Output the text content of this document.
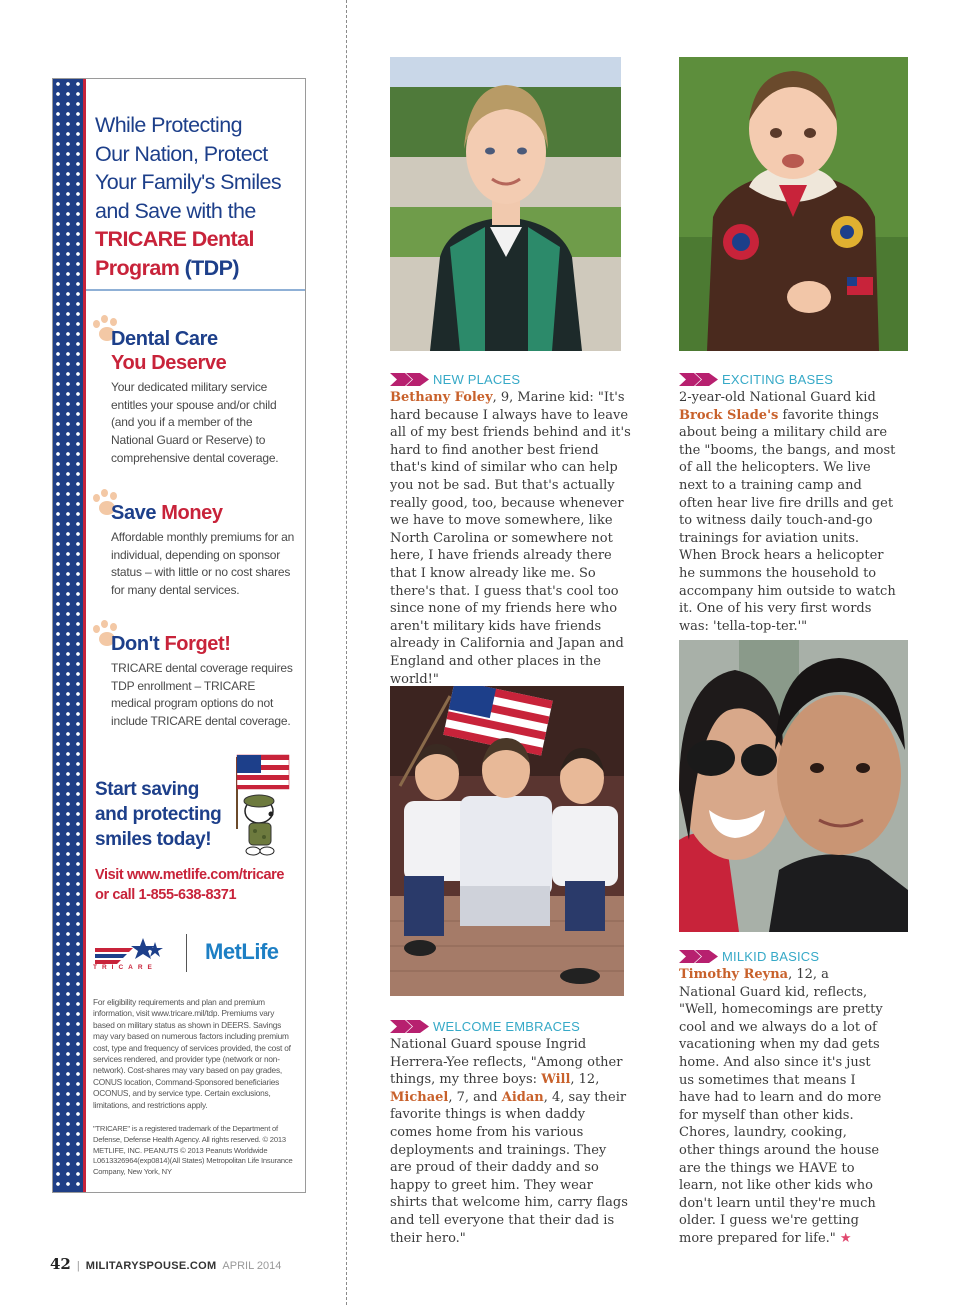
While Protecting
Our Nation, Protect
Your Family's Smiles
and Save with the
TRICARE Dental
Program (TDP)
Dental Care
You Deserve

Your dedicated military service entitles your spouse and/or child (and you if a member of the National Guard or Reserve) to comprehensive dental coverage.

Save Money

Affordable monthly premiums for an individual, depending on sponsor status – with little or no cost shares for many dental services.

Don't Forget!

TRICARE dental coverage requires TDP enrollment – TRICARE medical program options do not include TRICARE dental coverage.

Start saving and protecting smiles today!
Visit www.metlife.com/tricare
or call 1-855-638-8371
TRICARE
MetLife
For eligibility requirements and plan and premium information, visit www.tricare.mil/tdp. Premiums vary based on military status as shown in DEERS. Savings may vary based on numerous factors including premium cost, type and frequency of services provided, the cost of services rendered, and provider type (network or non-network). Cost-shares may vary based on pay grades, CONUS location, Command-Sponsored beneficiaries OCONUS, and by service type. Certain exclusions, limitations, and restrictions apply.
"TRICARE" is a registered trademark of the Department of Defense, Defense Health Agency. All rights reserved. © 2013 METLIFE, INC. PEANUTS © 2013 Peanuts Worldwide L0613326964(exp0814)(All States) Metropolitan Life Insurance Company, New York, NY
NEW PLACES
Bethany Foley, 9, Marine kid: "It's hard because I always have to leave all of my best friends behind and it's hard to find another best friend that's kind of similar who can help you not be sad. But that's actually really good, too, because whenever we have to move somewhere, like North Carolina or somewhere not here, I have friends already there that I know already like me. So there's that. I guess that's cool too since none of my friends here who aren't military kids have friends already in California and Japan and England and other places in the world!"
EXCITING BASES
2-year-old National Guard kid Brock Slade's favorite things about being a military child are the "booms, the bangs, and most of all the helicopters. We live next to a training camp and often hear live fire drills and get to witness daily touch-and-go trainings for aviation units. When Brock hears a helicopter he summons the household to accompany him outside to watch it. One of his very first words was: 'tella-top-ter.'"
WELCOME EMBRACES
National Guard spouse Ingrid Herrera-Yee reflects, "Among other things, my three boys: Will, 12, Michael, 7, and Aidan, 4, say their favorite things is when daddy comes home from his various deployments and trainings. They are proud of their daddy and so happy to greet him. They wear shirts that welcome him, carry flags and tell everyone that their dad is their hero."
MILKID BASICS
Timothy Reyna, 12, a National Guard kid, reflects, "Well, homecomings are pretty cool and we always do a lot of vacationing when my dad gets home. And also since it's just us sometimes that means I have had to learn and do more for myself than other kids. Chores, laundry, cooking, other things around the house are the things we HAVE to learn, not like other kids who don't learn until they're much older. I guess we're getting more prepared for life." ★
42 | MILITARYSPOUSE.COM APRIL 2014
